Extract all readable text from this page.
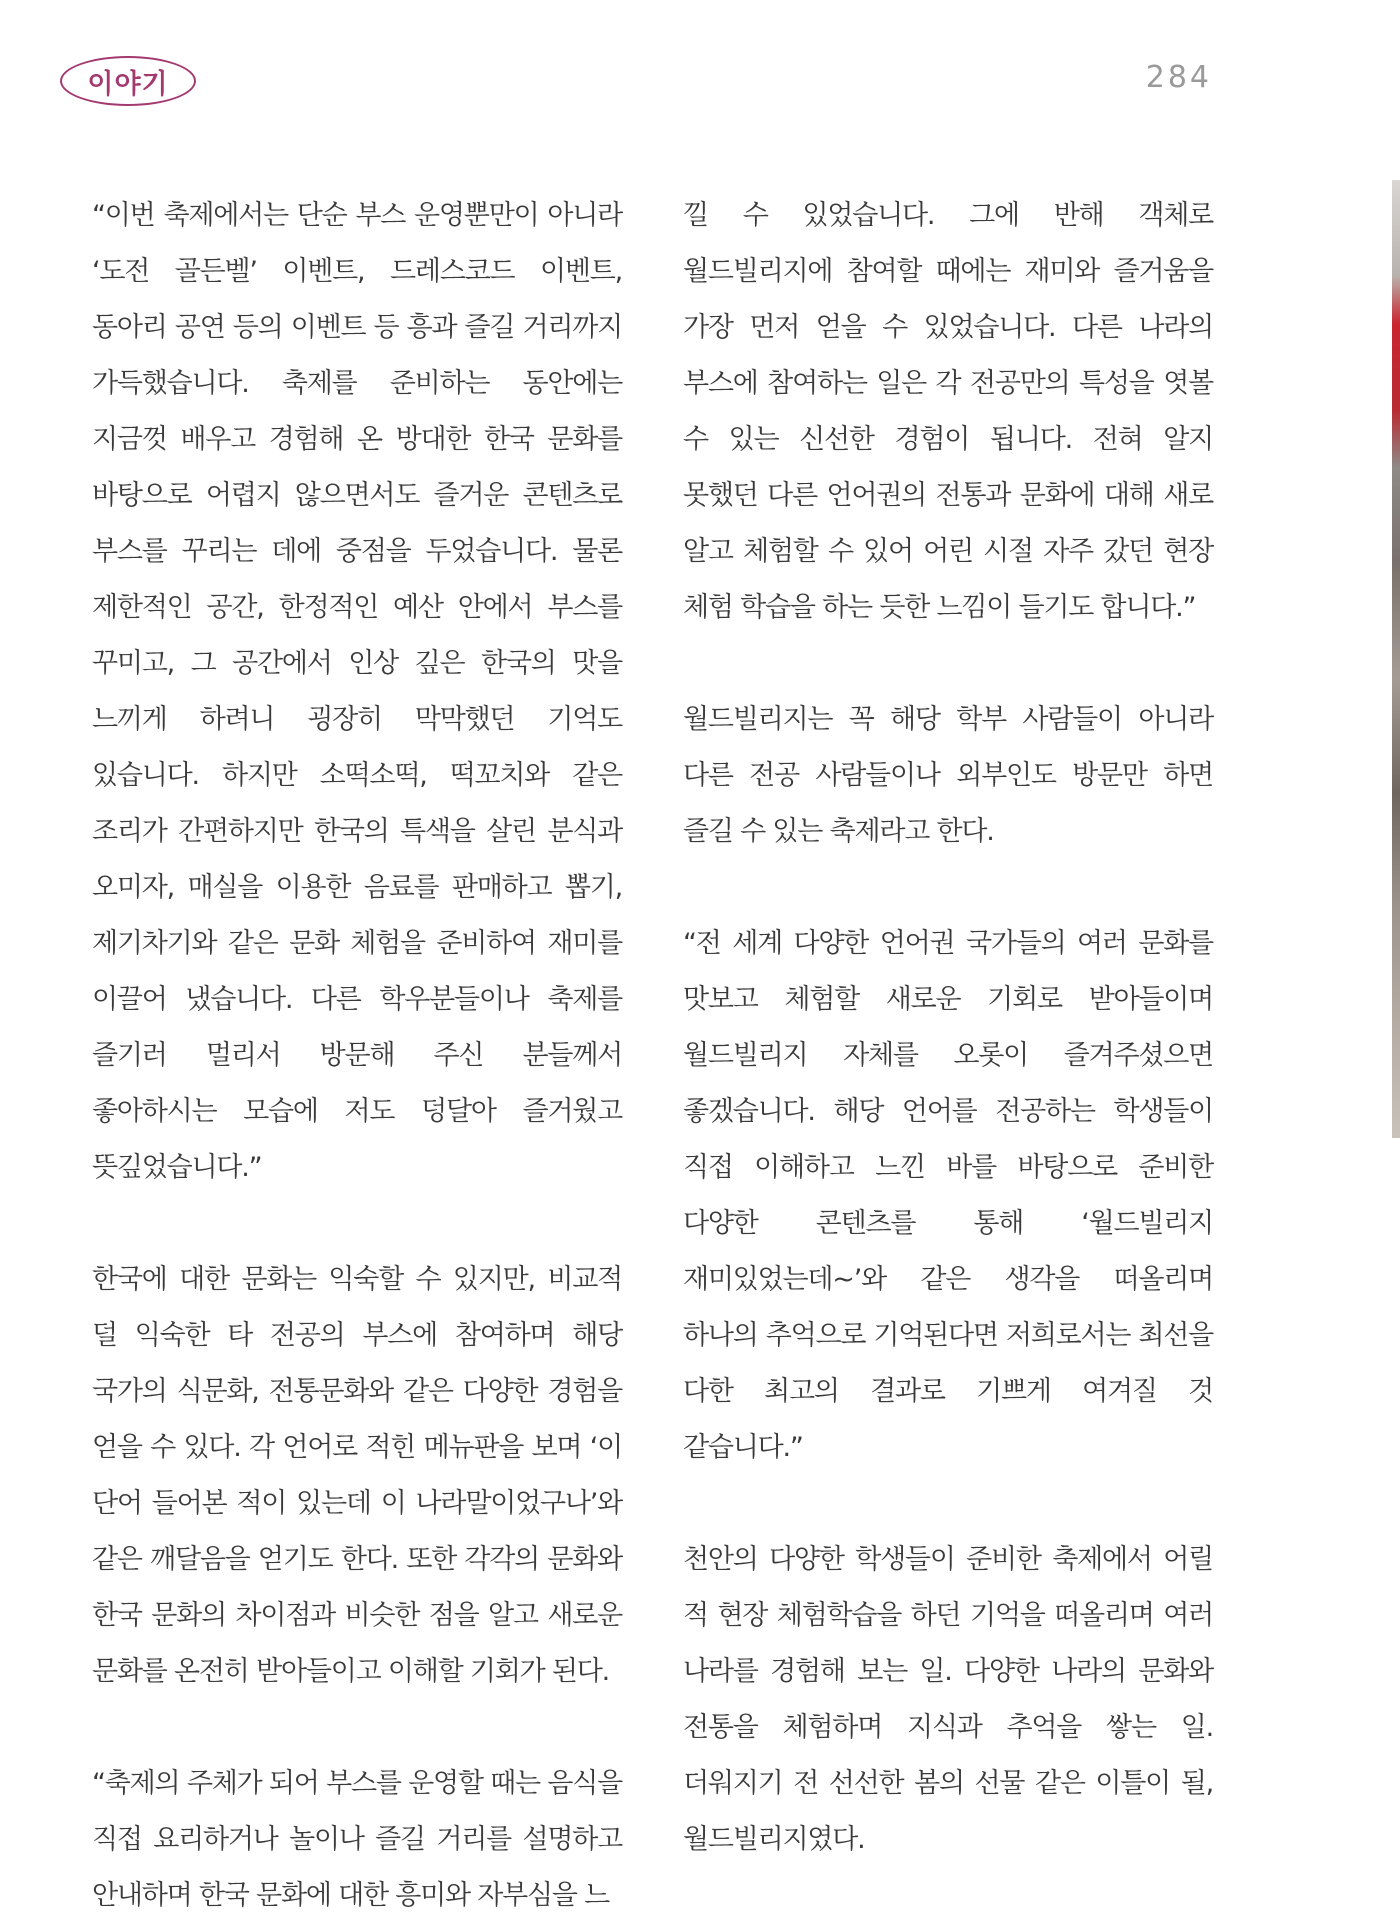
이야기	284

“이번 축제에서는 단순 부스 운영뿐만이 아니라 ‘도전 골든벨’ 이벤트, 드레스코드 이벤트, 동아리 공연 등의 이벤트 등 흥과 즐길 거리까지 가득했습니다. 축제를 준비하는 동안에는 지금껏 배우고 경험해 온 방대한 한국 문화를 바탕으로 어렵지 않으면서도 즐거운 콘텐츠로 부스를 꾸리는 데에 중점을 두었습니다. 물론 제한적인 공간, 한정적인 예산 안에서 부스를 꾸미고, 그 공간에서 인상 깊은 한국의 맛을 느끼게 하려니 굉장히 막막했던 기억도 있습니다. 하지만 소떡소떡, 떡꼬치와 같은 조리가 간편하지만 한국의 특색을 살린 분식과 오미자, 매실을 이용한 음료를 판매하고 뽑기, 제기차기와 같은 문화 체험을 준비하여 재미를 이끌어 냈습니다. 다른 학우분들이나 축제를 즐기러 멀리서 방문해 주신 분들께서 좋아하시는 모습에 저도 덩달아 즐거웠고 뜻깊었습니다.”

한국에 대한 문화는 익숙할 수 있지만, 비교적 덜 익숙한 타 전공의 부스에 참여하며 해당 국가의 식문화, 전통문화와 같은 다양한 경험을 얻을 수 있다. 각 언어로 적힌 메뉴판을 보며 ‘이 단어 들어본 적이 있는데 이 나라말이었구나’와 같은 깨달음을 얻기도 한다. 또한 각각의 문화와 한국 문화의 차이점과 비슷한 점을 알고 새로운 문화를 온전히 받아들이고 이해할 기회가 된다.

“축제의 주체가 되어 부스를 운영할 때는 음식을 직접 요리하거나 놀이나 즐길 거리를 설명하고 안내하며 한국 문화에 대한 흥미와 자부심을 느

낄 수 있었습니다. 그에 반해 객체로 월드빌리지에 참여할 때에는 재미와 즐거움을 가장 먼저 얻을 수 있었습니다. 다른 나라의 부스에 참여하는 일은 각 전공만의 특성을 엿볼 수 있는 신선한 경험이 됩니다. 전혀 알지 못했던 다른 언어권의 전통과 문화에 대해 새로 알고 체험할 수 있어 어린 시절 자주 갔던 현장 체험 학습을 하는 듯한 느낌이 들기도 합니다.”

월드빌리지는 꼭 해당 학부 사람들이 아니라 다른 전공 사람들이나 외부인도 방문만 하면 즐길 수 있는 축제라고 한다.

“전 세계 다양한 언어권 국가들의 여러 문화를 맛보고 체험할 새로운 기회로 받아들이며 월드빌리지 자체를 오롯이 즐겨주셨으면 좋겠습니다. 해당 언어를 전공하는 학생들이 직접 이해하고 느낀 바를 바탕으로 준비한 다양한 콘텐츠를 통해 ‘월드빌리지 재미있었는데~’와 같은 생각을 떠올리며 하나의 추억으로 기억된다면 저희로서는 최선을 다한 최고의 결과로 기쁘게 여겨질 것 같습니다.”

천안의 다양한 학생들이 준비한 축제에서 어릴 적 현장 체험학습을 하던 기억을 떠올리며 여러 나라를 경험해 보는 일. 다양한 나라의 문화와 전통을 체험하며 지식과 추억을 쌓는 일. 더워지기 전 선선한 봄의 선물 같은 이틀이 될, 월드빌리지였다.
